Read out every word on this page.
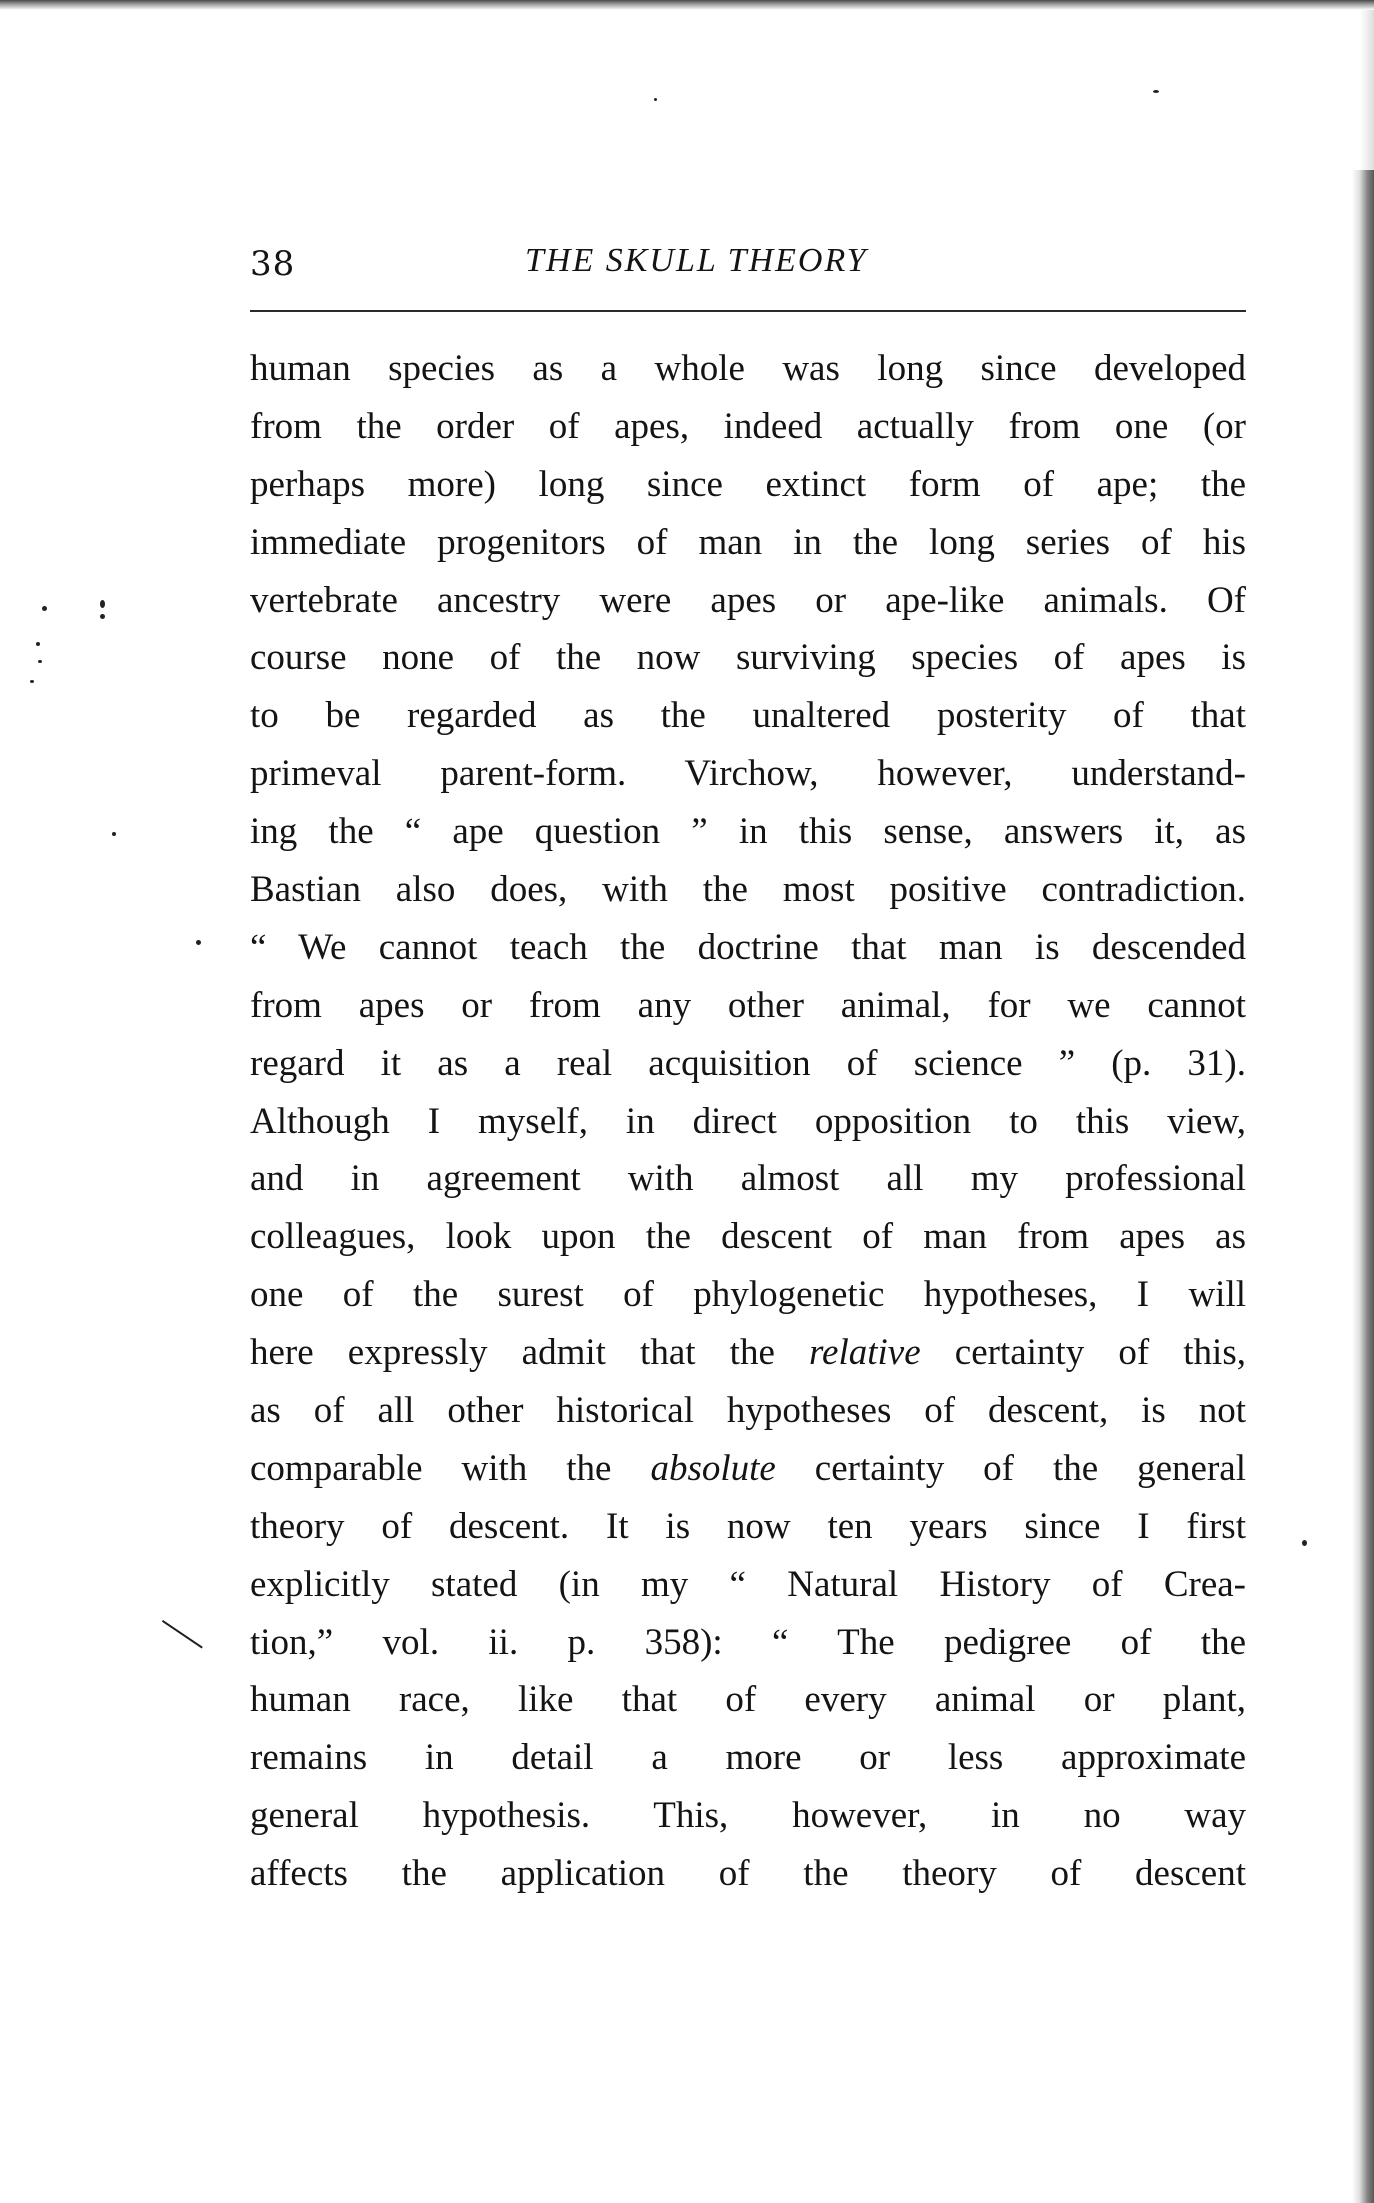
38	THE SKULL THEORY
human species as a whole was long since developed
from the order of apes, indeed actually from one (or
perhaps more) long since extinct form of ape; the
immediate progenitors of man in the long series of his
vertebrate ancestry were apes or ape-like animals. Of
course none of the now surviving species of apes is
to be regarded as the unaltered posterity of that
primeval parent-form. Virchow, however, understand-
ing the “ ape question ” in this sense, answers it, as
Bastian also does, with the most positive contradiction.
“ We cannot teach the doctrine that man is descended
from apes or from any other animal, for we cannot
regard it as a real acquisition of science ” (p. 31).
Although I myself, in direct opposition to this view,
and in agreement with almost all my professional
colleagues, look upon the descent of man from apes as
one of the surest of phylogenetic hypotheses, I will
here expressly admit that the relative certainty of this,
as of all other historical hypotheses of descent, is not
comparable with the absolute certainty of the general
theory of descent. It is now ten years since I first
explicitly stated (in my “ Natural History of Crea-
tion,” vol. ii. p. 358): “ The pedigree of the
human race, like that of every animal or plant,
remains in detail a more or less approximate
general hypothesis. This, however, in no way
affects the application of the theory of descent
